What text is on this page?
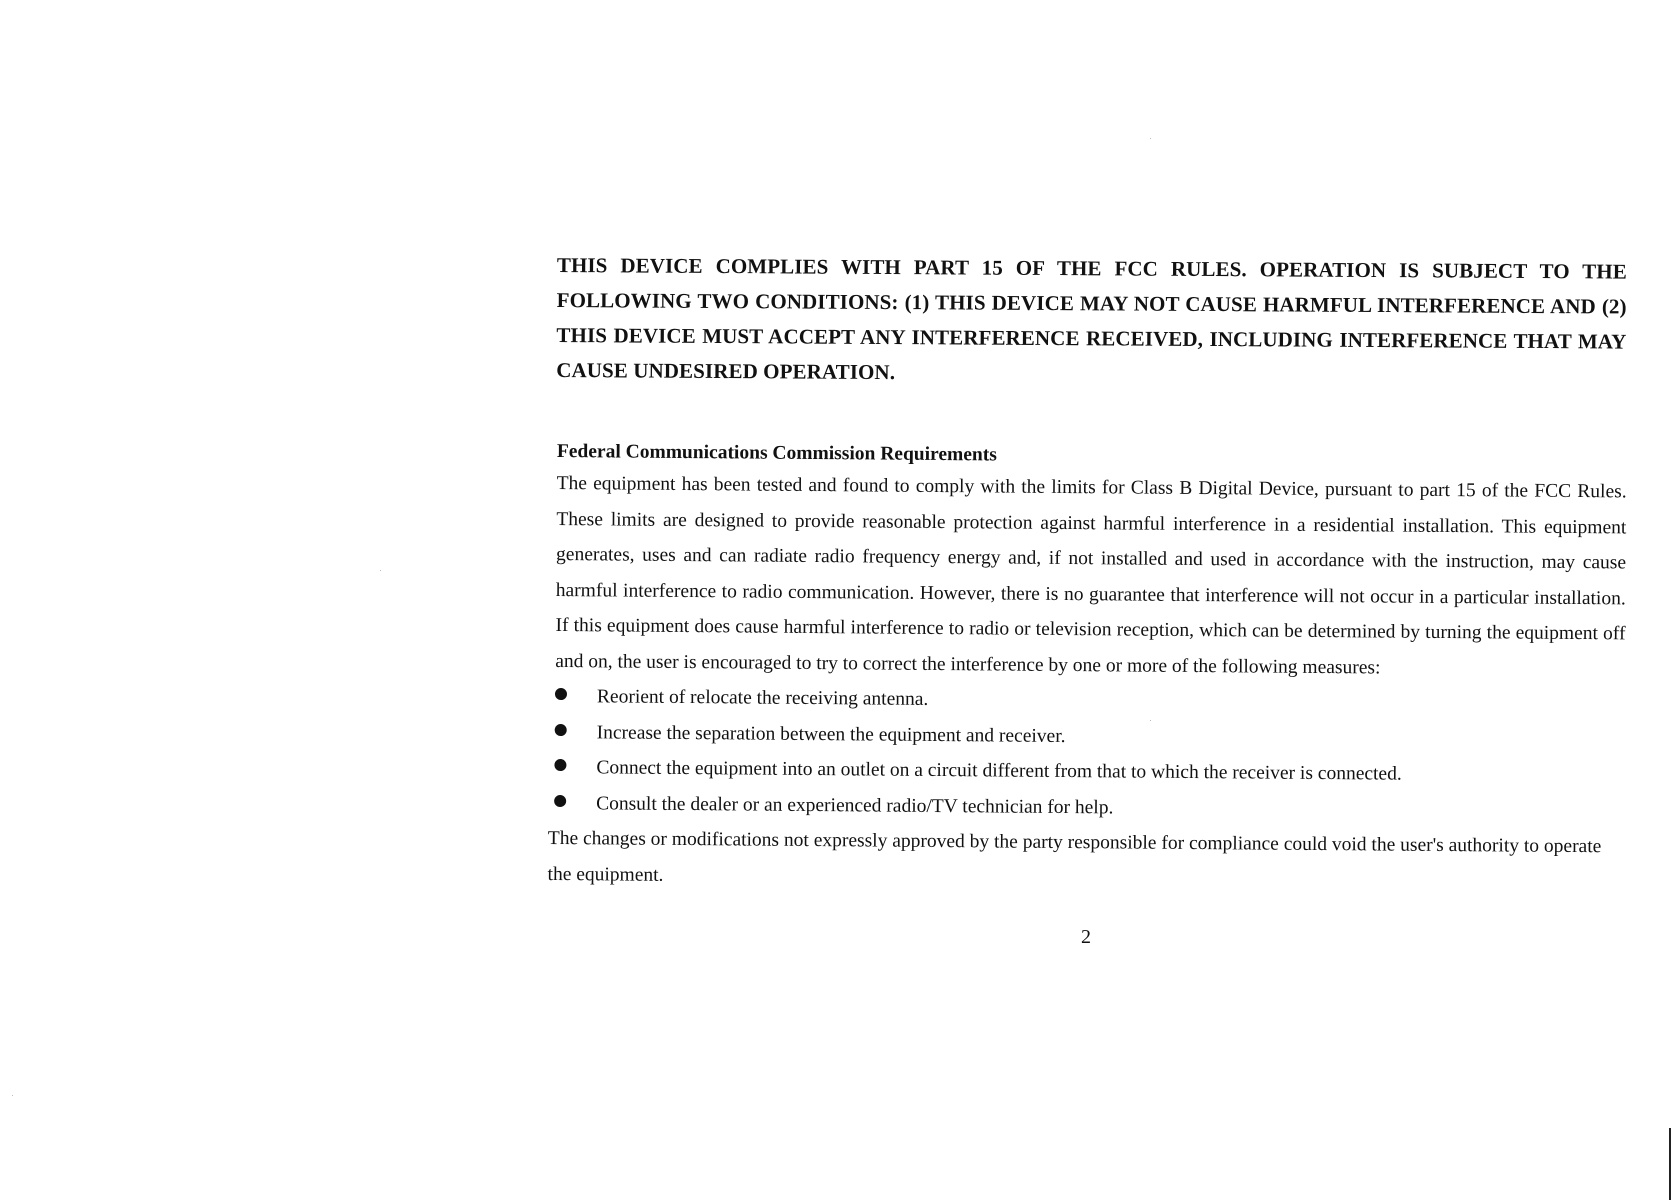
THIS DEVICE COMPLIES WITH PART 15 OF THE FCC RULES. OPERATION IS SUBJECT TO THE FOLLOWING TWO CONDITIONS: (1) THIS DEVICE MAY NOT CAUSE HARMFUL INTERFERENCE AND (2) THIS DEVICE MUST ACCEPT ANY INTERFERENCE RECEIVED, INCLUDING INTERFERENCE THAT MAY CAUSE UNDESIRED OPERATION.

Federal Communications Commission Requirements

The equipment has been tested and found to comply with the limits for Class B Digital Device, pursuant to part 15 of the FCC Rules. These limits are designed to provide reasonable protection against harmful interference in a residential installation. This equipment generates, uses and can radiate radio frequency energy and, if not installed and used in accordance with the instruction, may cause harmful interference to radio communication. However, there is no guarantee that interference will not occur in a particular installation. If this equipment does cause harmful interference to radio or television reception, which can be determined by turning the equipment off and on, the user is encouraged to try to correct the interference by one or more of the following measures:

Reorient of relocate the receiving antenna.
Increase the separation between the equipment and receiver.
Connect the equipment into an outlet on a circuit different from that to which the receiver is connected.
Consult the dealer or an experienced radio/TV technician for help.

The changes or modifications not expressly approved by the party responsible for compliance could void the user's authority to operate the equipment.

2
